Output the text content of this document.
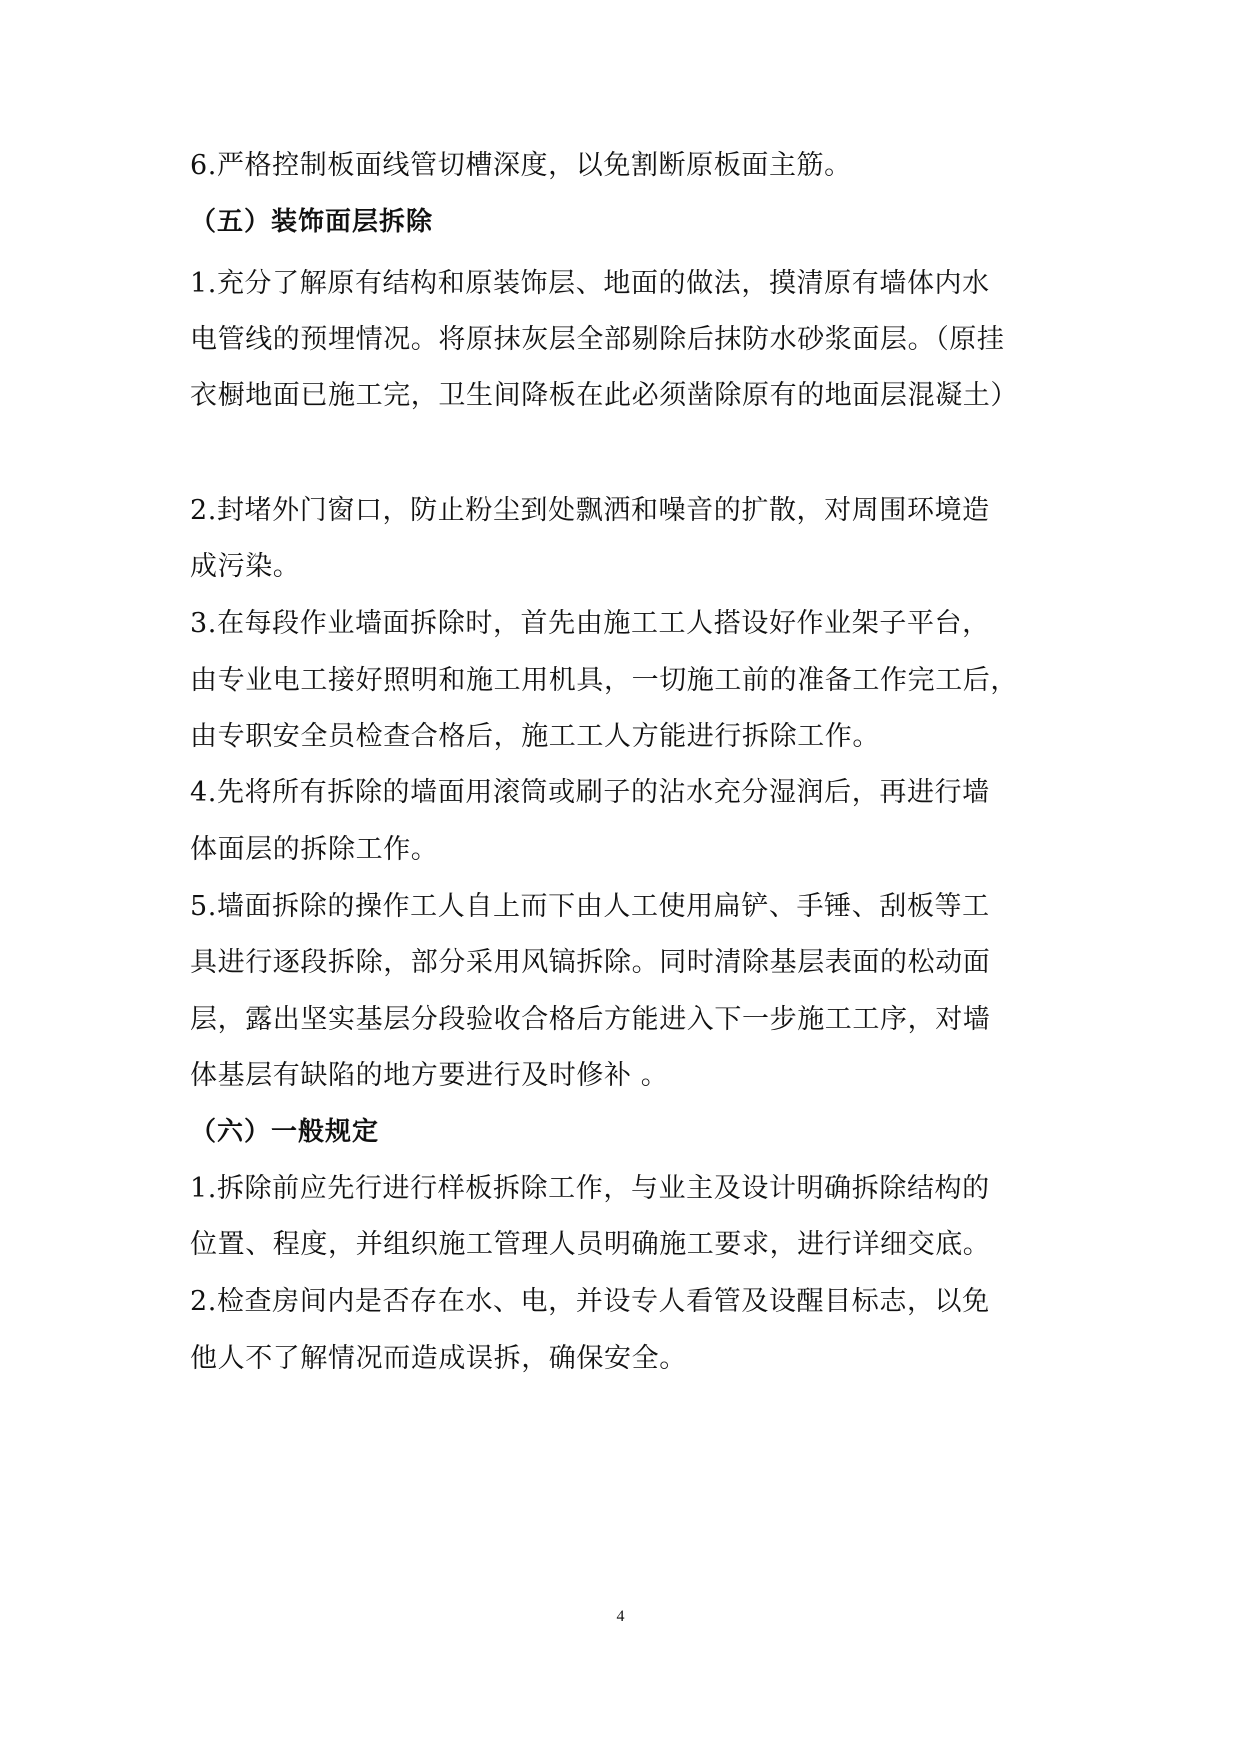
6.严格控制板面线管切槽深度，以免割断原板面主筋。
（五）装饰面层拆除
1.充分了解原有结构和原装饰层、地面的做法，摸清原有墙体内水
电管线的预埋情况。将原抹灰层全部剔除后抹防水砂浆面层。（原挂
衣橱地面已施工完，卫生间降板在此必须凿除原有的地面层混凝土）
2.封堵外门窗口，防止粉尘到处飘洒和噪音的扩散，对周围环境造
成污染。
3.在每段作业墙面拆除时，首先由施工工人搭设好作业架子平台，
由专业电工接好照明和施工用机具，一切施工前的准备工作完工后，
由专职安全员检查合格后，施工工人方能进行拆除工作。
4.先将所有拆除的墙面用滚筒或刷子的沾水充分湿润后，再进行墙
体面层的拆除工作。
5.墙面拆除的操作工人自上而下由人工使用扁铲、手锤、刮板等工
具进行逐段拆除，部分采用风镐拆除。同时清除基层表面的松动面
层，露出坚实基层分段验收合格后方能进入下一步施工工序，对墙
体基层有缺陷的地方要进行及时修补 。
（六）一般规定
1.拆除前应先行进行样板拆除工作，与业主及设计明确拆除结构的
位置、程度，并组织施工管理人员明确施工要求，进行详细交底。
2.检查房间内是否存在水、电，并设专人看管及设醒目标志，以免
他人不了解情况而造成误拆，确保安全。
4
